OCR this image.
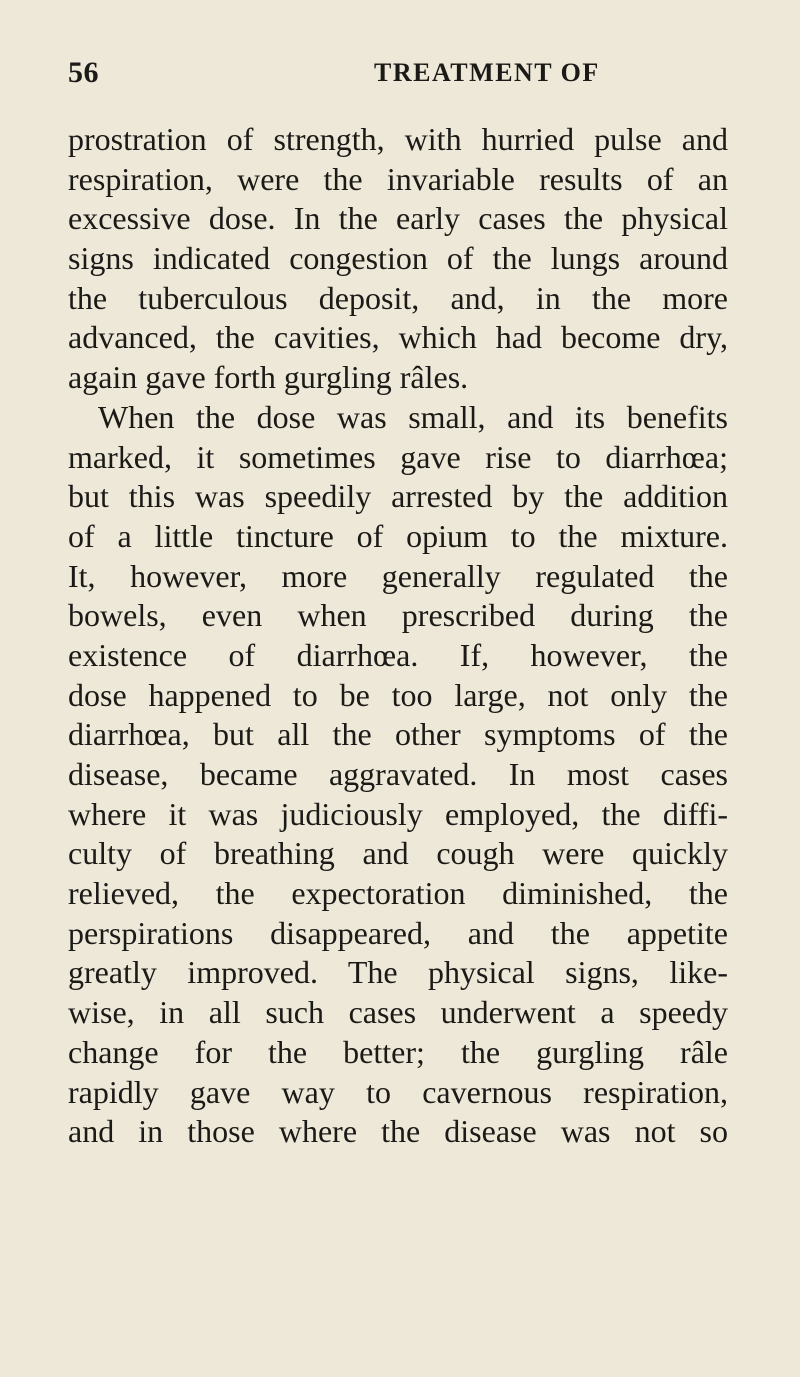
56	TREATMENT OF
prostration of strength, with hurried pulse and
respiration, were the invariable results of an
excessive dose. In the early cases the physical
signs indicated congestion of the lungs around
the tuberculous deposit, and, in the more
advanced, the cavities, which had become dry,
again gave forth gurgling râles.
When the dose was small, and its benefits
marked, it sometimes gave rise to diarrhœa;
but this was speedily arrested by the addition
of a little tincture of opium to the mixture.
It, however, more generally regulated the
bowels, even when prescribed during the
existence of diarrhœa. If, however, the
dose happened to be too large, not only the
diarrhœa, but all the other symptoms of the
disease, became aggravated. In most cases
where it was judiciously employed, the diffi-
culty of breathing and cough were quickly
relieved, the expectoration diminished, the
perspirations disappeared, and the appetite
greatly improved. The physical signs, like-
wise, in all such cases underwent a speedy
change for the better; the gurgling râle
rapidly gave way to cavernous respiration,
and in those where the disease was not so
